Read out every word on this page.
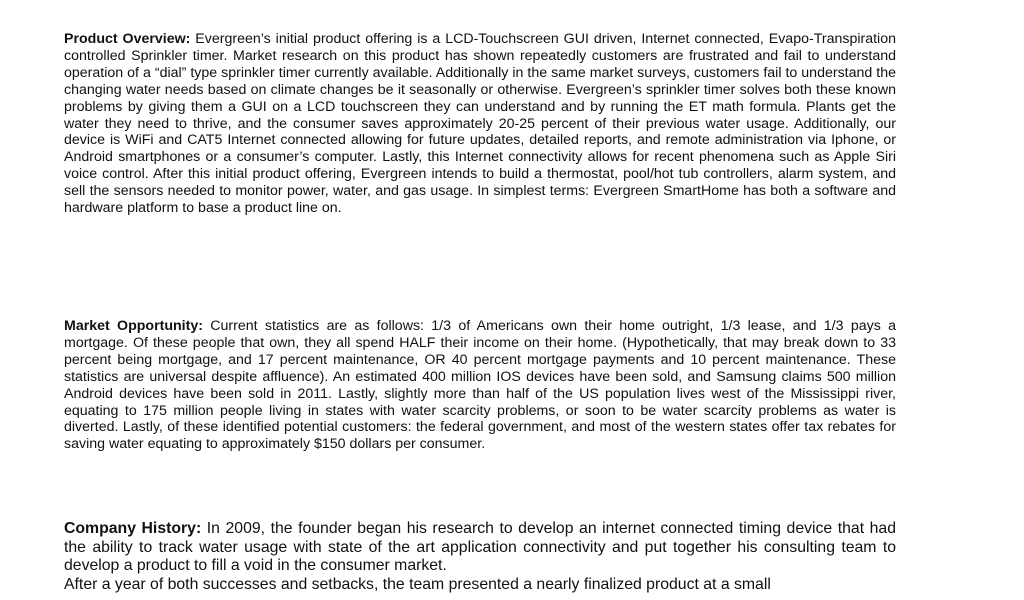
Product Overview: Evergreen’s initial product offering is a LCD-Touchscreen GUI driven, Internet connected, Evapo-Transpiration controlled Sprinkler timer. Market research on this product has shown repeatedly customers are frustrated and fail to understand operation of a “dial” type sprinkler timer currently available. Additionally in the same market surveys, customers fail to understand the changing water needs based on climate changes be it seasonally or otherwise. Evergreen’s sprinkler timer solves both these known problems by giving them a GUI on a LCD touchscreen they can understand and by running the ET math formula. Plants get the water they need to thrive, and the consumer saves approximately 20-25 percent of their previous water usage. Additionally, our device is WiFi and CAT5 Internet connected allowing for future updates, detailed reports, and remote administration via Iphone, or Android smartphones or a consumer’s computer. Lastly, this Internet connectivity allows for recent phenomena such as Apple Siri voice control. After this initial product offering, Evergreen intends to build a thermostat, pool/hot tub controllers, alarm system, and sell the sensors needed to monitor power, water, and gas usage. In simplest terms: Evergreen SmartHome has both a software and hardware platform to base a product line on.

Market Opportunity: Current statistics are as follows: 1/3 of Americans own their home outright, 1/3 lease, and 1/3 pays a mortgage. Of these people that own, they all spend HALF their income on their home. (Hypothetically, that may break down to 33 percent being mortgage, and 17 percent maintenance, OR 40 percent mortgage payments and 10 percent maintenance. These statistics are universal despite affluence). An estimated 400 million IOS devices have been sold, and Samsung claims 500 million Android devices have been sold in 2011. Lastly, slightly more than half of the US population lives west of the Mississippi river, equating to 175 million people living in states with water scarcity problems, or soon to be water scarcity problems as water is diverted. Lastly, of these identified potential customers: the federal government, and most of the western states offer tax rebates for saving water equating to approximately $150 dollars per consumer.

Company History: In 2009, the founder began his research to develop an internet connected timing device that had the ability to track water usage with state of the art application connectivity and put together his consulting team to develop a product to fill a void in the consumer market.
After a year of both successes and setbacks, the team presented a nearly finalized product at a small
